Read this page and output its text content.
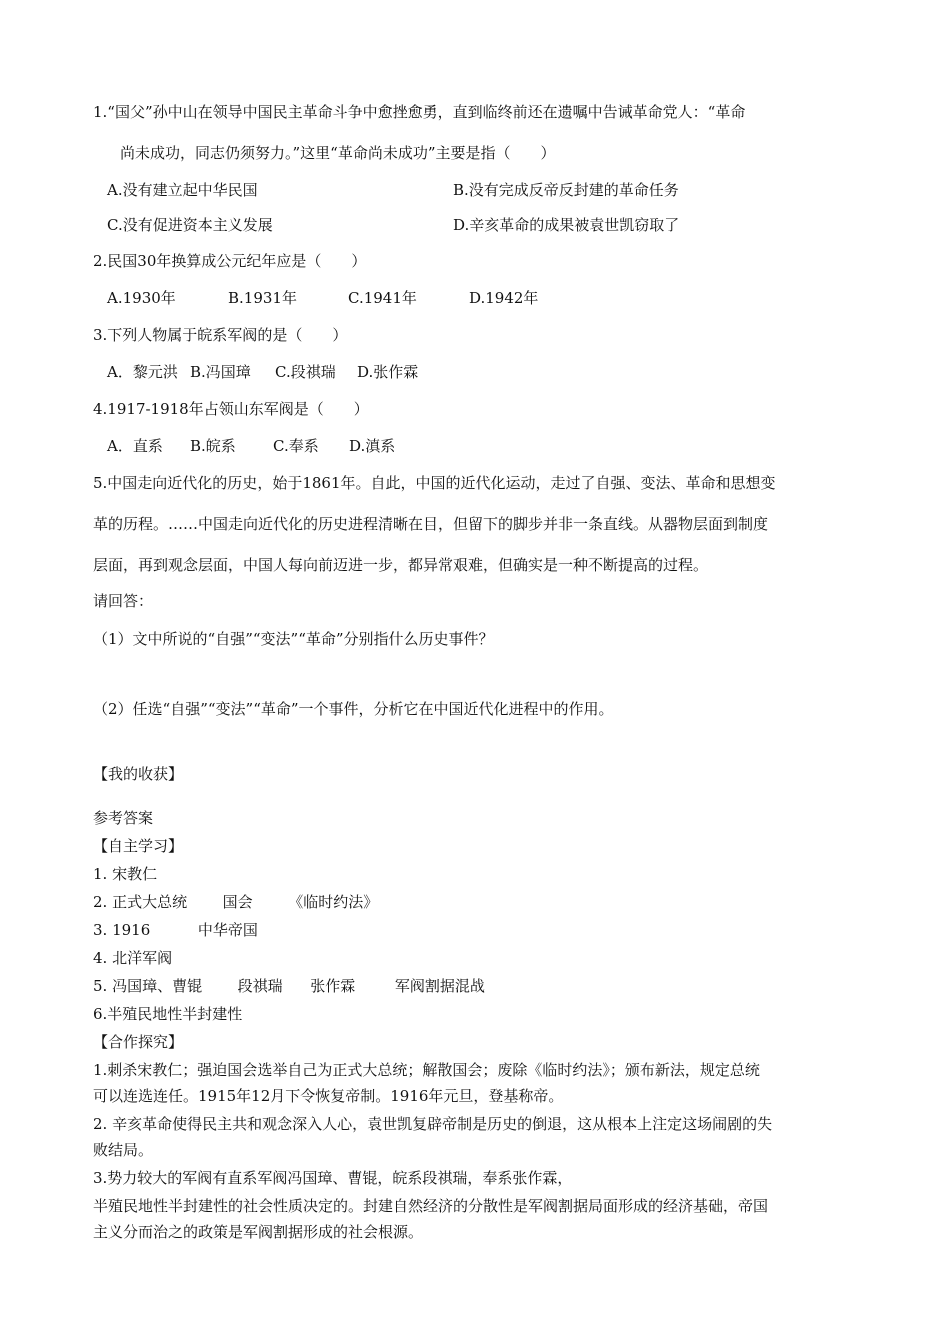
1.“国父”孙中山在领导中国民主革命斗争中愈挫愈勇，直到临终前还在遗嘱中告诫革命党人：“革命
尚未成功，同志仍须努力。”这里“革命尚未成功”主要是指（　　）
A.没有建立起中华民国	B.没有完成反帝反封建的革命任务
C.没有促进资本主义发展	D.辛亥革命的成果被袁世凯窃取了
2.民国30年换算成公元纪年应是（　　）
A.1930年	B.1931年	C.1941年	D.1942年
3.下列人物属于皖系军阀的是（　　）
A．黎元洪 B.冯国璋 C.段祺瑞 D.张作霖
4.1917-1918年占领山东军阀是（　　）
A．直系 B.皖系 C.奉系 D.滇系
5.中国走向近代化的历史，始于1861年。自此，中国的近代化运动，走过了自强、变法、革命和思想变
革的历程。……中国走向近代化的历史进程清晰在目，但留下的脚步并非一条直线。从器物层面到制度
层面，再到观念层面，中国人每向前迈进一步，都异常艰难，但确实是一种不断提高的过程。
请回答：
（1）文中所说的“自强”“变法”“革命”分别指什么历史事件？
（2）任选“自强”“变法”“革命”一个事件，分析它在中国近代化进程中的作用。
【我的收获】
参考答案
【自主学习】
1. 宋教仁
2. 正式大总统 国会 《临时约法》
3. 1916	中华帝国
4. 北洋军阀
5. 冯国璋、曹锟 段祺瑞 张作霖	军阀割据混战
6.半殖民地性半封建性
【合作探究】
1.刺杀宋教仁；强迫国会选举自己为正式大总统；解散国会；废除《临时约法》；颁布新法，规定总统
可以连选连任。1915年12月下令恢复帝制。1916年元旦，登基称帝。
2. 辛亥革命使得民主共和观念深入人心，袁世凯复辟帝制是历史的倒退，这从根本上注定这场闹剧的失
败结局。
3.势力较大的军阀有直系军阀冯国璋、曹锟，皖系段祺瑞，奉系张作霖，
半殖民地性半封建性的社会性质决定的。封建自然经济的分散性是军阀割据局面形成的经济基础，帝国
主义分而治之的政策是军阀割据形成的社会根源。
